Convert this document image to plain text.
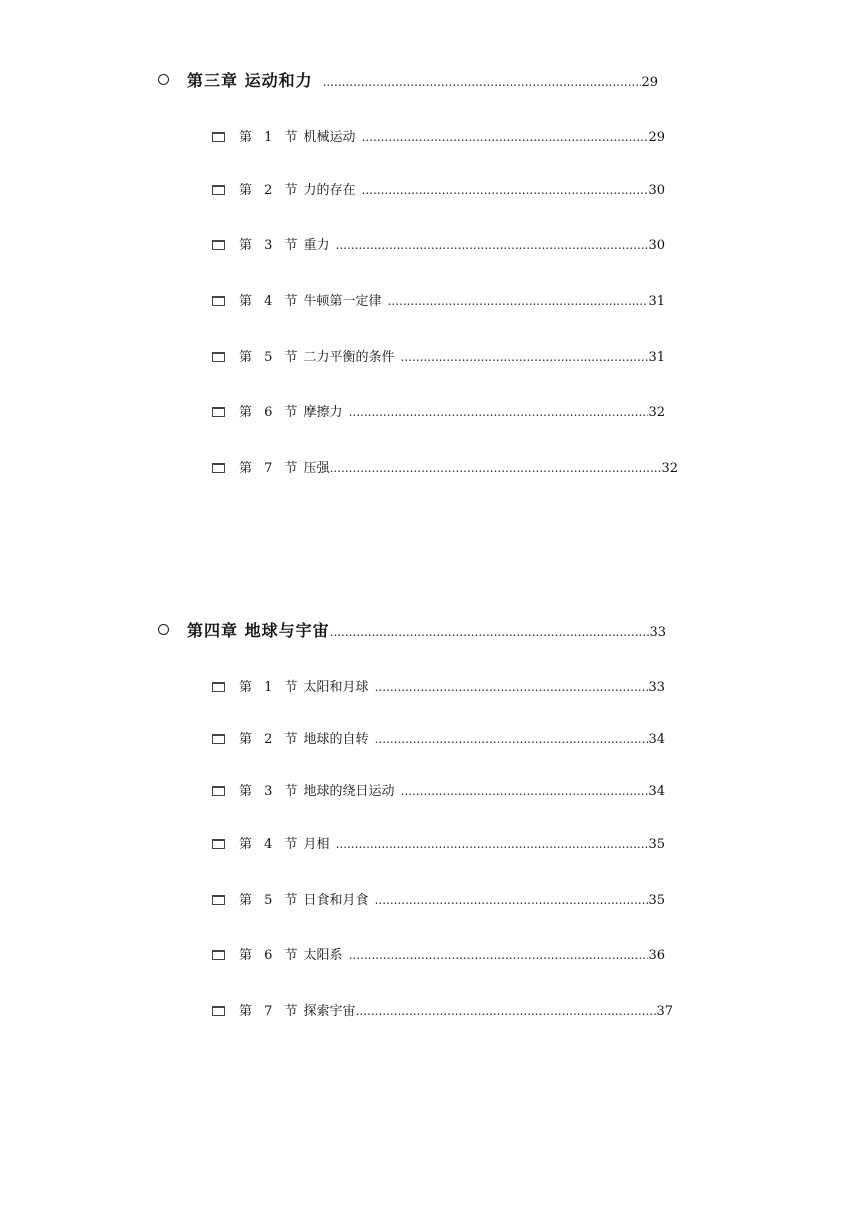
第三章 运动和力 .....	29
第 1 节 机械运动 .....	29
第 2 节 力的存在 .....	30
第 3 节 重力 .....	30
第 4 节 牛顿第一定律 .....	31
第 5 节 二力平衡的条件 .....	31
第 6 节 摩擦力 .....	32
第 7 节 压强 .....	32
第四章 地球与宇宙 .....	33
第 1 节 太阳和月球 .....	33
第 2 节 地球的自转 .....	34
第 3 节 地球的绕日运动 .....	34
第 4 节 月相 .....	35
第 5 节 日食和月食 .....	35
第 6 节 太阳系 .....	36
第 7 节 探索宇宙 .....	37
